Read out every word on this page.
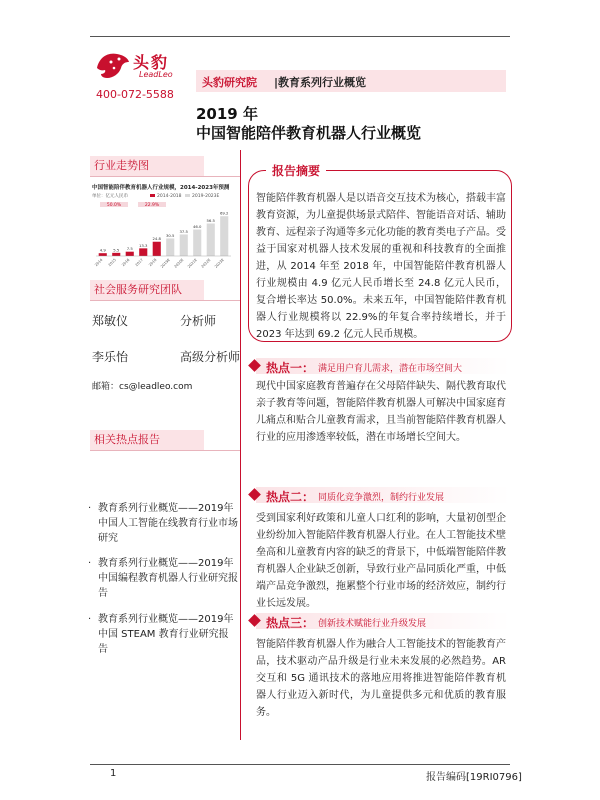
头豹
LeadLeo
400-072-5588
头豹研究院 |教育系列行业概览
2019 年
中国智能陪伴教育机器人行业概览
行业走势图
中国智能陪伴教育机器人行业规模，2014-2023年预测
单位：亿元人民币	2014-2018 2019-2023E
50.0%	22.9%
4.9
2014
5.5
2015
7.5
2016
13.3
2017
24.8
2018
30.5
2019E
37.5
2020E
46.0
2021E
56.5
2022E
69.2
2023E
社会服务研究团队
郑敏仪	分析师
李乐怡	高级分析师
邮箱：cs@leadleo.com
相关热点报告
· 教育系列行业概览——2019年中国人工智能在线教育行业市场研究
· 教育系列行业概览——2019年中国编程教育机器人行业研究报告
· 教育系列行业概览——2019年中国 STEAM 教育行业研究报告
报告摘要
智能陪伴教育机器人是以语音交互技术为核心，搭载丰富教育资源，为儿童提供场景式陪伴、智能语音对话、辅助教育、远程亲子沟通等多元化功能的教育类电子产品。受益于国家对机器人技术发展的重视和科技教育的全面推进，从 2014 年至 2018 年，中国智能陪伴教育机器人行业规模由 4.9 亿元人民币增长至 24.8 亿元人民币，复合增长率达 50.0%。未来五年，中国智能陪伴教育机器人行业规模将以 22.9%的年复合率持续增长，并于 2023 年达到 69.2 亿元人民币规模。
热点一： 满足用户育儿需求，潜在市场空间大
现代中国家庭教育普遍存在父母陪伴缺失、隔代教育取代亲子教育等问题，智能陪伴教育机器人可解决中国家庭育儿痛点和贴合儿童教育需求，且当前智能陪伴教育机器人行业的应用渗透率较低，潜在市场增长空间大。
热点二： 同质化竞争激烈，制约行业发展
受到国家利好政策和儿童人口红利的影响，大量初创型企业纷纷加入智能陪伴教育机器人行业。在人工智能技术壁垒高和儿童教育内容的缺乏的背景下，中低端智能陪伴教育机器人企业缺乏创新，导致行业产品同质化严重，中低端产品竞争激烈，拖累整个行业市场的经济效应，制约行业长远发展。
热点三： 创新技术赋能行业升级发展
智能陪伴教育机器人作为融合人工智能技术的智能教育产品，技术驱动产品升级是行业未来发展的必然趋势。AR 交互和 5G 通讯技术的落地应用将推进智能陪伴教育机器人行业迈入新时代，为儿童提供多元和优质的教育服务。
1	报告编码[19RI0796]
